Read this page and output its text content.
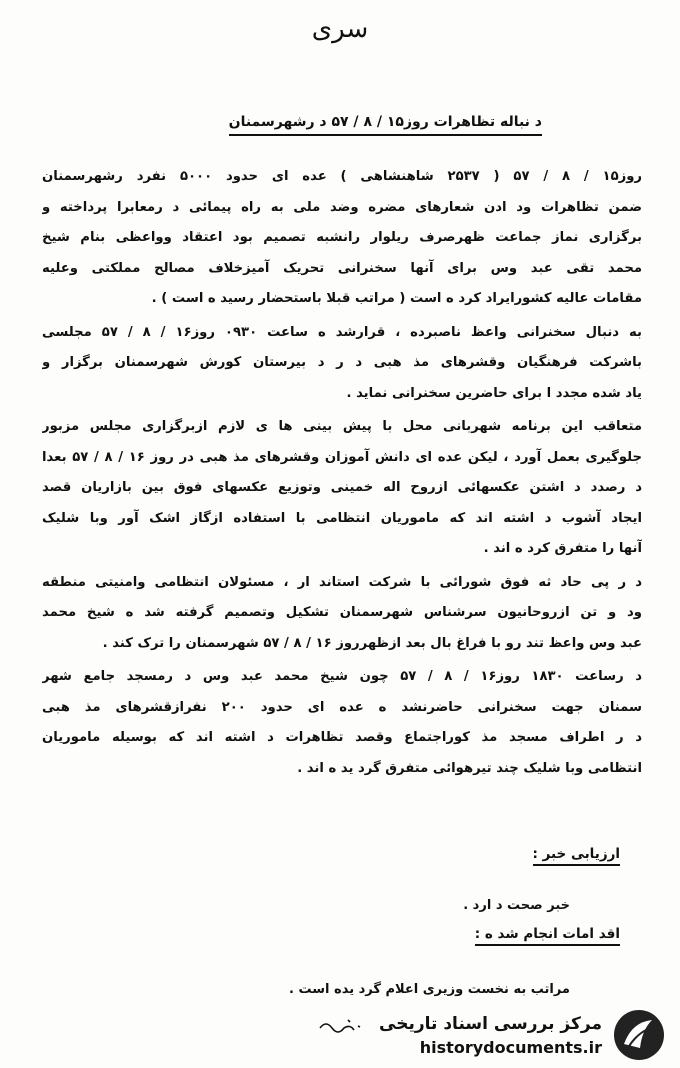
سری
د نباله تظاهرات روز۱۵ / ۸ / ۵۷ د رشهرسمنان
روز۱۵ / ۸ / ۵۷ ( ۲۵۳۷ شاهنشاهی ) عده ای حدود ۵۰۰۰ نفرد رشهرسمنان
ضمن تظاهرات ود ادن شعارهای مضره وضد ملی به راه پیمائی د رمعابرا پرداخته و
برگزاری نماز جماعت ظهرصرف ریلوار رانشبه تصمیم بود اعتقاد وواعظی بنام شیخ
محمد تقی عبد وس برای آنها سخنرانی تحریک آمیزخلاف مصالح مملکتی وعلیه
مقامات عالیه کشورایراد کرد ه است ( مراتب قبلا باستحضار رسید ه است ) .
به دنبال سخنرانی واعظ ناصبرده ، قرارشد ه ساعت ۰۹۳۰ روز۱۶ / ۸ / ۵۷ مجلسی
باشرکت فرهنگیان وقشرهای مذ هبی د ر د بیرستان کورش شهرسمنان برگزار و
یاد شده مجدد ا برای حاضرین سخنرانی نماید .
متعاقب این برنامه شهربانی محل با پیش بینی ها ی لازم ازبرگزاری مجلس مزبور
جلوگیری بعمل آورد ، لیکن عده ای دانش آموزان وقشرهای مذ هبی در روز ۱۶ / ۸ / ۵۷ بعدا
د رصدد د اشتن عکسهائی ازروح اله خمینی وتوزیع عکسهای فوق بین بازاریان قصد
ایجاد آشوب د اشته اند که ماموریان انتظامی با استفاده ازگاز اشک آور وبا شلیک
آنها را متفرق کرد ه اند .
د ر پی حاد ثه فوق شورائی با شرکت استاند ار ، مسئولان انتظامی وامنیتی منطقه
ود و تن ازروحانیون سرشناس شهرسمنان تشکیل وتصمیم گرفته شد ه شیخ محمد
عبد وس واعظ تند رو با فراغ بال بعد ازظهرروز ۱۶ / ۸ / ۵۷ شهرسمنان را ترک کند .
د رساعت ۱۸۳۰ روز۱۶ / ۸ / ۵۷ چون شیخ محمد عبد وس د رمسجد جامع شهر
سمنان جهت سخنرانی حاضرنشد ه عده ای حدود ۲۰۰ نفرازقشرهای مذ هبی
د ر اطراف مسجد مذ کوراجتماع وقصد تظاهرات د اشته اند که بوسیله ماموریان
انتظامی وبا شلیک چند تیرهوائی متفرق گرد ید ه اند .
ارزیابی خبر :
خبر صحت د ارد .
اقد امات انجام شد ه :
مراتب به نخست وزیری اعلام گرد یده است .
مرکز بررسی اسناد تاریخی
historydocuments.ir
